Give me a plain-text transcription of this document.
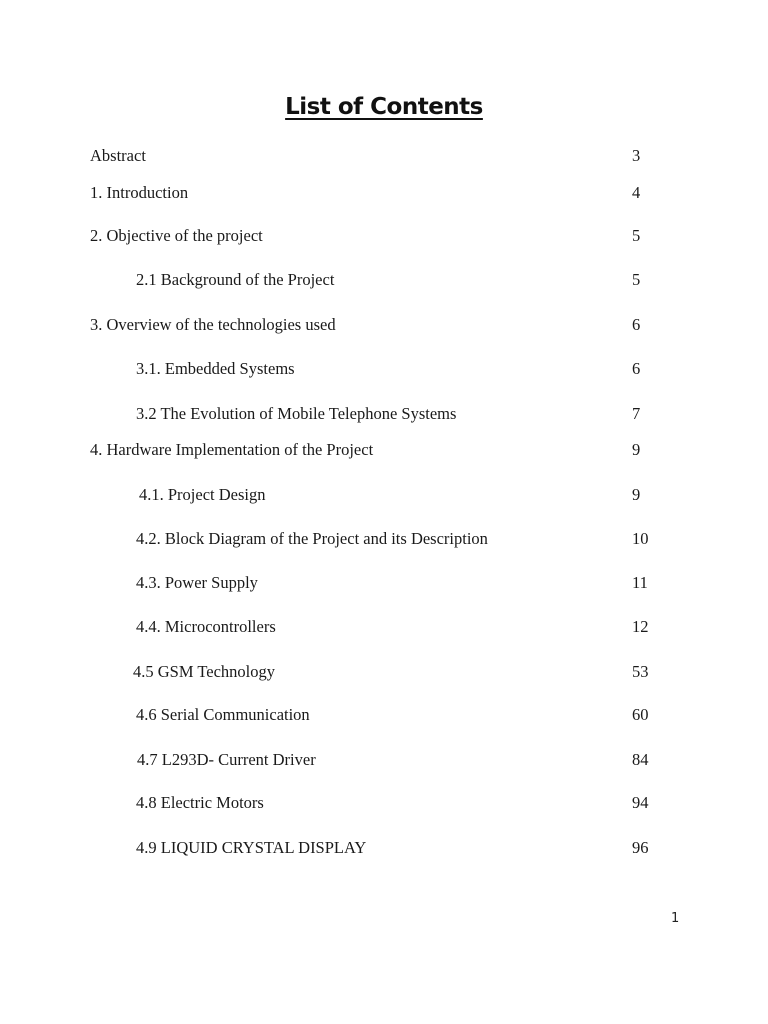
List of Contents
Abstract	3
1. Introduction	4
2. Objective of the project	5
2.1 Background of the Project	5
3. Overview of the technologies used	6
3.1. Embedded Systems	6
3.2 The Evolution of Mobile Telephone Systems	7
4. Hardware Implementation of the Project	9
4.1. Project Design	9
4.2. Block Diagram of the Project and its Description	10
4.3. Power Supply	11
4.4. Microcontrollers	12
4.5 GSM Technology	53
4.6 Serial Communication	60
4.7 L293D- Current Driver	84
4.8 Electric Motors	94
4.9 LIQUID CRYSTAL DISPLAY	96
1
